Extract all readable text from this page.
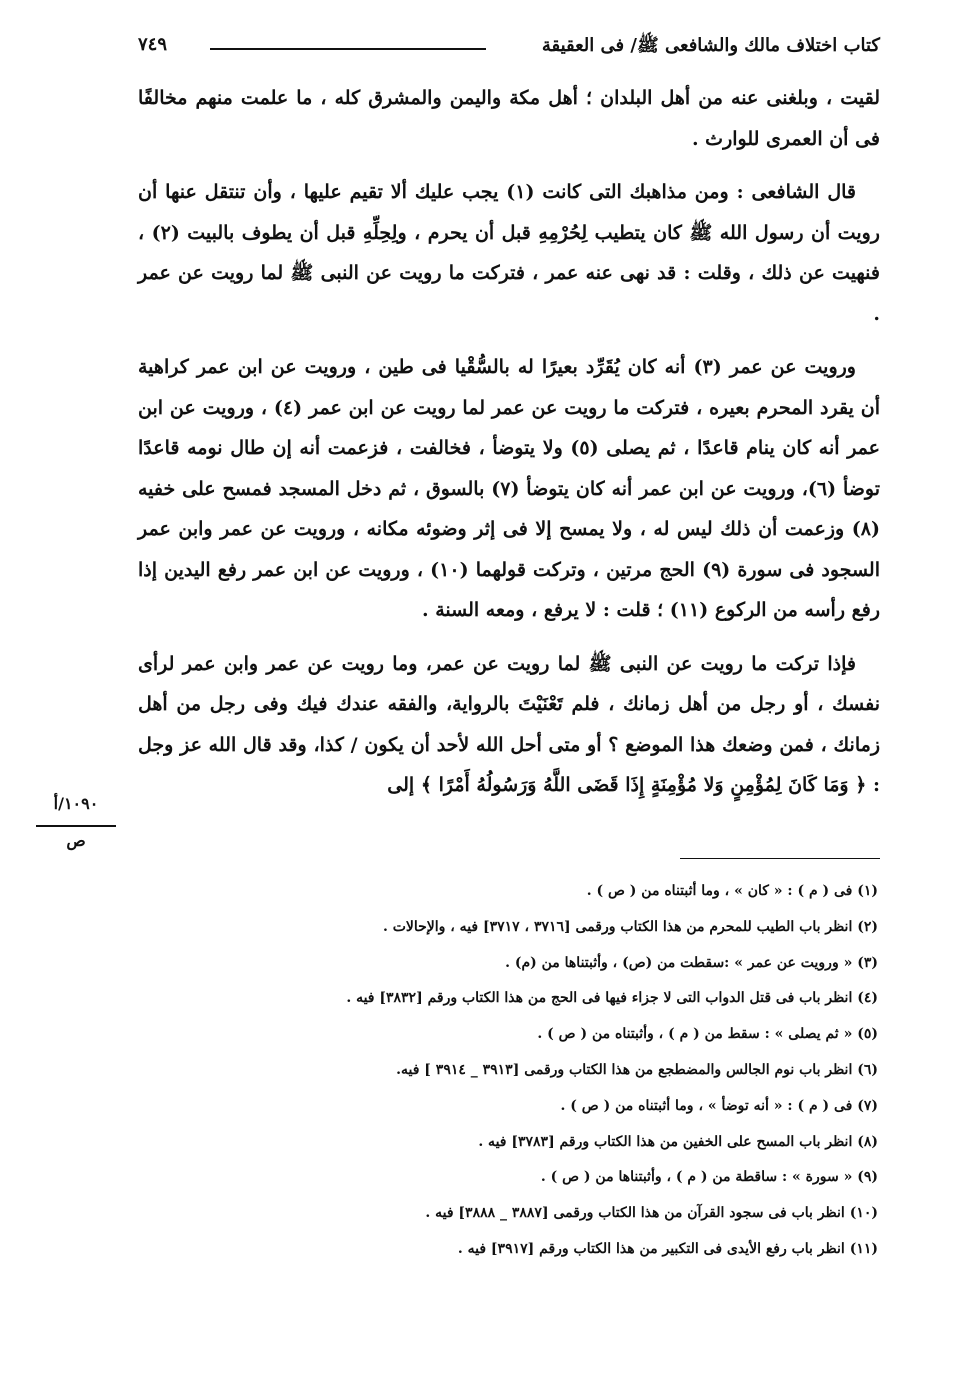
كتاب اختلاف مالك والشافعى ﷺ/ فى العقيقة
٧٤٩

لقيت ، وبلغنى عنه من أهل البلدان ؛ أهل مكة واليمن والمشرق كله ، ما علمت منهم مخالفًا فى أن العمرى للوارث .

قال الشافعى : ومن مذاهبك التى كانت (١) يجب عليك ألا تقيم عليها ، وأن تنتقل عنها أن رويت أن رسول الله ﷺ كان يتطيب لِحُرْمِهِ قبل أن يحرم ، ولِحِلِّهِ قبل أن يطوف بالبيت (٢) ، فنهيت عن ذلك ، وقلت : قد نهى عنه عمر ، فتركت ما رويت عن النبى ﷺ لما رويت عن عمر .

ورويت عن عمر (٣) أنه كان يُقَرِّد بعيرًا له بالسُّقْيا فى طين ، ورويت عن ابن عمر كراهية أن يقرد المحرم بعيره ، فتركت ما رويت عن عمر لما رويت عن ابن عمر (٤) ، ورويت عن ابن عمر أنه كان ينام قاعدًا ، ثم يصلى (٥) ولا يتوضأ ، فخالفت ، فزعمت أنه إن طال نومه قاعدًا توضأ (٦)، ورويت عن ابن عمر أنه كان يتوضأ (٧) بالسوق ، ثم دخل المسجد فمسح على خفيه (٨) وزعمت أن ذلك ليس له ، ولا يمسح إلا فى إثر وضوئه مكانه ، ورويت عن عمر وابن عمر السجود فى سورة (٩) الحج مرتين ، وتركت قولهما (١٠) ، ورويت عن ابن عمر رفع اليدين إذا رفع رأسه من الركوع (١١) ؛ قلت : لا يرفع ، ومعه السنة .

فإذا تركت ما رويت عن النبى ﷺ لما رويت عن عمر، وما رويت عن عمر وابن عمر لرأى نفسك ، أو رجل من أهل زمانك ، فلم تَعْنَيْتَ بالرواية، والفقه عندك فيك وفى رجل من أهل زمانك ، فمن وضعك هذا الموضع ؟ أو متى أحل الله لأحد أن يكون / كذا، وقد قال الله عز وجل : ﴿ وَمَا كَانَ لِمُؤْمِنٍ وَلا مُؤْمِنَةٍ إِذَا قَضَى اللَّهُ وَرَسُولُهُ أَمْرًا ﴾ إلى

١٠٩٠/أ
ص
(١) فى ( م ) : « كان » ، وما أثبتناه من ( ص ) .
(٢) انظر باب الطيب للمحرم من هذا الكتاب ورقمى [٣٧١٦ ، ٣٧١٧] فيه ، والإحالات .
(٣) « ورويت عن عمر » :سقطت من (ص) ، وأثبتناها من (م) .
(٤) انظر باب فى قتل الدواب التى لا جزاء فيها فى الحج من هذا الكتاب ورقم [٣٨٣٢] فيه .
(٥) « ثم يصلى » : سقط من ( م ) ، وأثبتناه من ( ص ) .
(٦) انظر باب نوم الجالس والمضطجع من هذا الكتاب ورقمى [٣٩١٣ _ ٣٩١٤ ] فيه.
(٧) فى ( م ) : « أنه توضأ » ، وما أثبتناه من ( ص ) .
(٨) انظر باب المسح على الخفين من هذا الكتاب ورقم [٣٧٨٣] فيه .
(٩) « سورة » : ساقطة من ( م ) ، وأثبتناها من ( ص ) .
(١٠) انظر باب فى سجود القرآن من هذا الكتاب ورقمى [٣٨٨٧ _ ٣٨٨٨] فيه .
(١١) انظر باب رفع الأيدى فى التكبير من هذا الكتاب ورقم [٣٩١٧] فيه .
